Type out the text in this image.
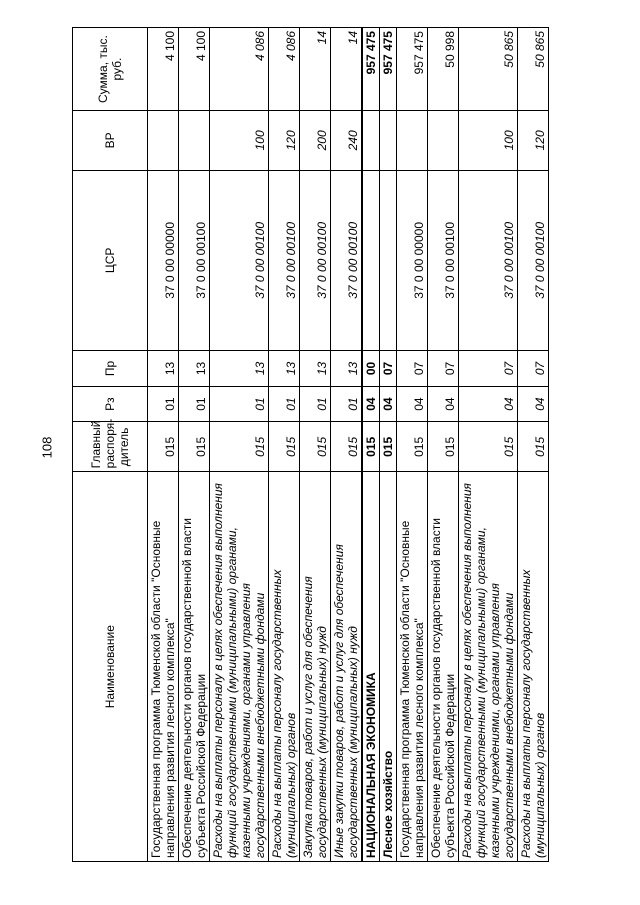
108
Наименование	Главный распоря- дитель	Рз	Пр	ЦСР	ВР	Сумма, тыс. руб.
Государственная программа Тюменской области "Основные направления развития лесного комплекса"	015	01	13	37 0 00 00000		4 100
Обеспечение деятельности органов государственной власти субъекта Российской Федерации	015	01	13	37 0 00 00100		4 100
Расходы на выплаты персоналу в целях обеспечения выполнения функций государственными (муниципальными) органами, казенными учреждениями, органами управления государственными внебюджетными фондами	015	01	13	37 0 00 00100	100	4 086
Расходы на выплаты персоналу государственных (муниципальных) органов	015	01	13	37 0 00 00100	120	4 086
Закупка товаров, работ и услуг для обеспечения государственных (муниципальных) нужд	015	01	13	37 0 00 00100	200	14
Иные закупки товаров, работ и услуг для обеспечения государственных (муниципальных) нужд	015	01	13	37 0 00 00100	240	14
НАЦИОНАЛЬНАЯ ЭКОНОМИКА	015	04	00			957 475
Лесное хозяйство	015	04	07			957 475
Государственная программа Тюменской области "Основные направления развития лесного комплекса"	015	04	07	37 0 00 00000		957 475
Обеспечение деятельности органов государственной власти субъекта Российской Федерации	015	04	07	37 0 00 00100		50 998
Расходы на выплаты персоналу в целях обеспечения выполнения функций государственными (муниципальными) органами, казенными учреждениями, органами управления государственными внебюджетными фондами	015	04	07	37 0 00 00100	100	50 865
Расходы на выплаты персоналу государственных (муниципальных) органов	015	04	07	37 0 00 00100	120	50 865
